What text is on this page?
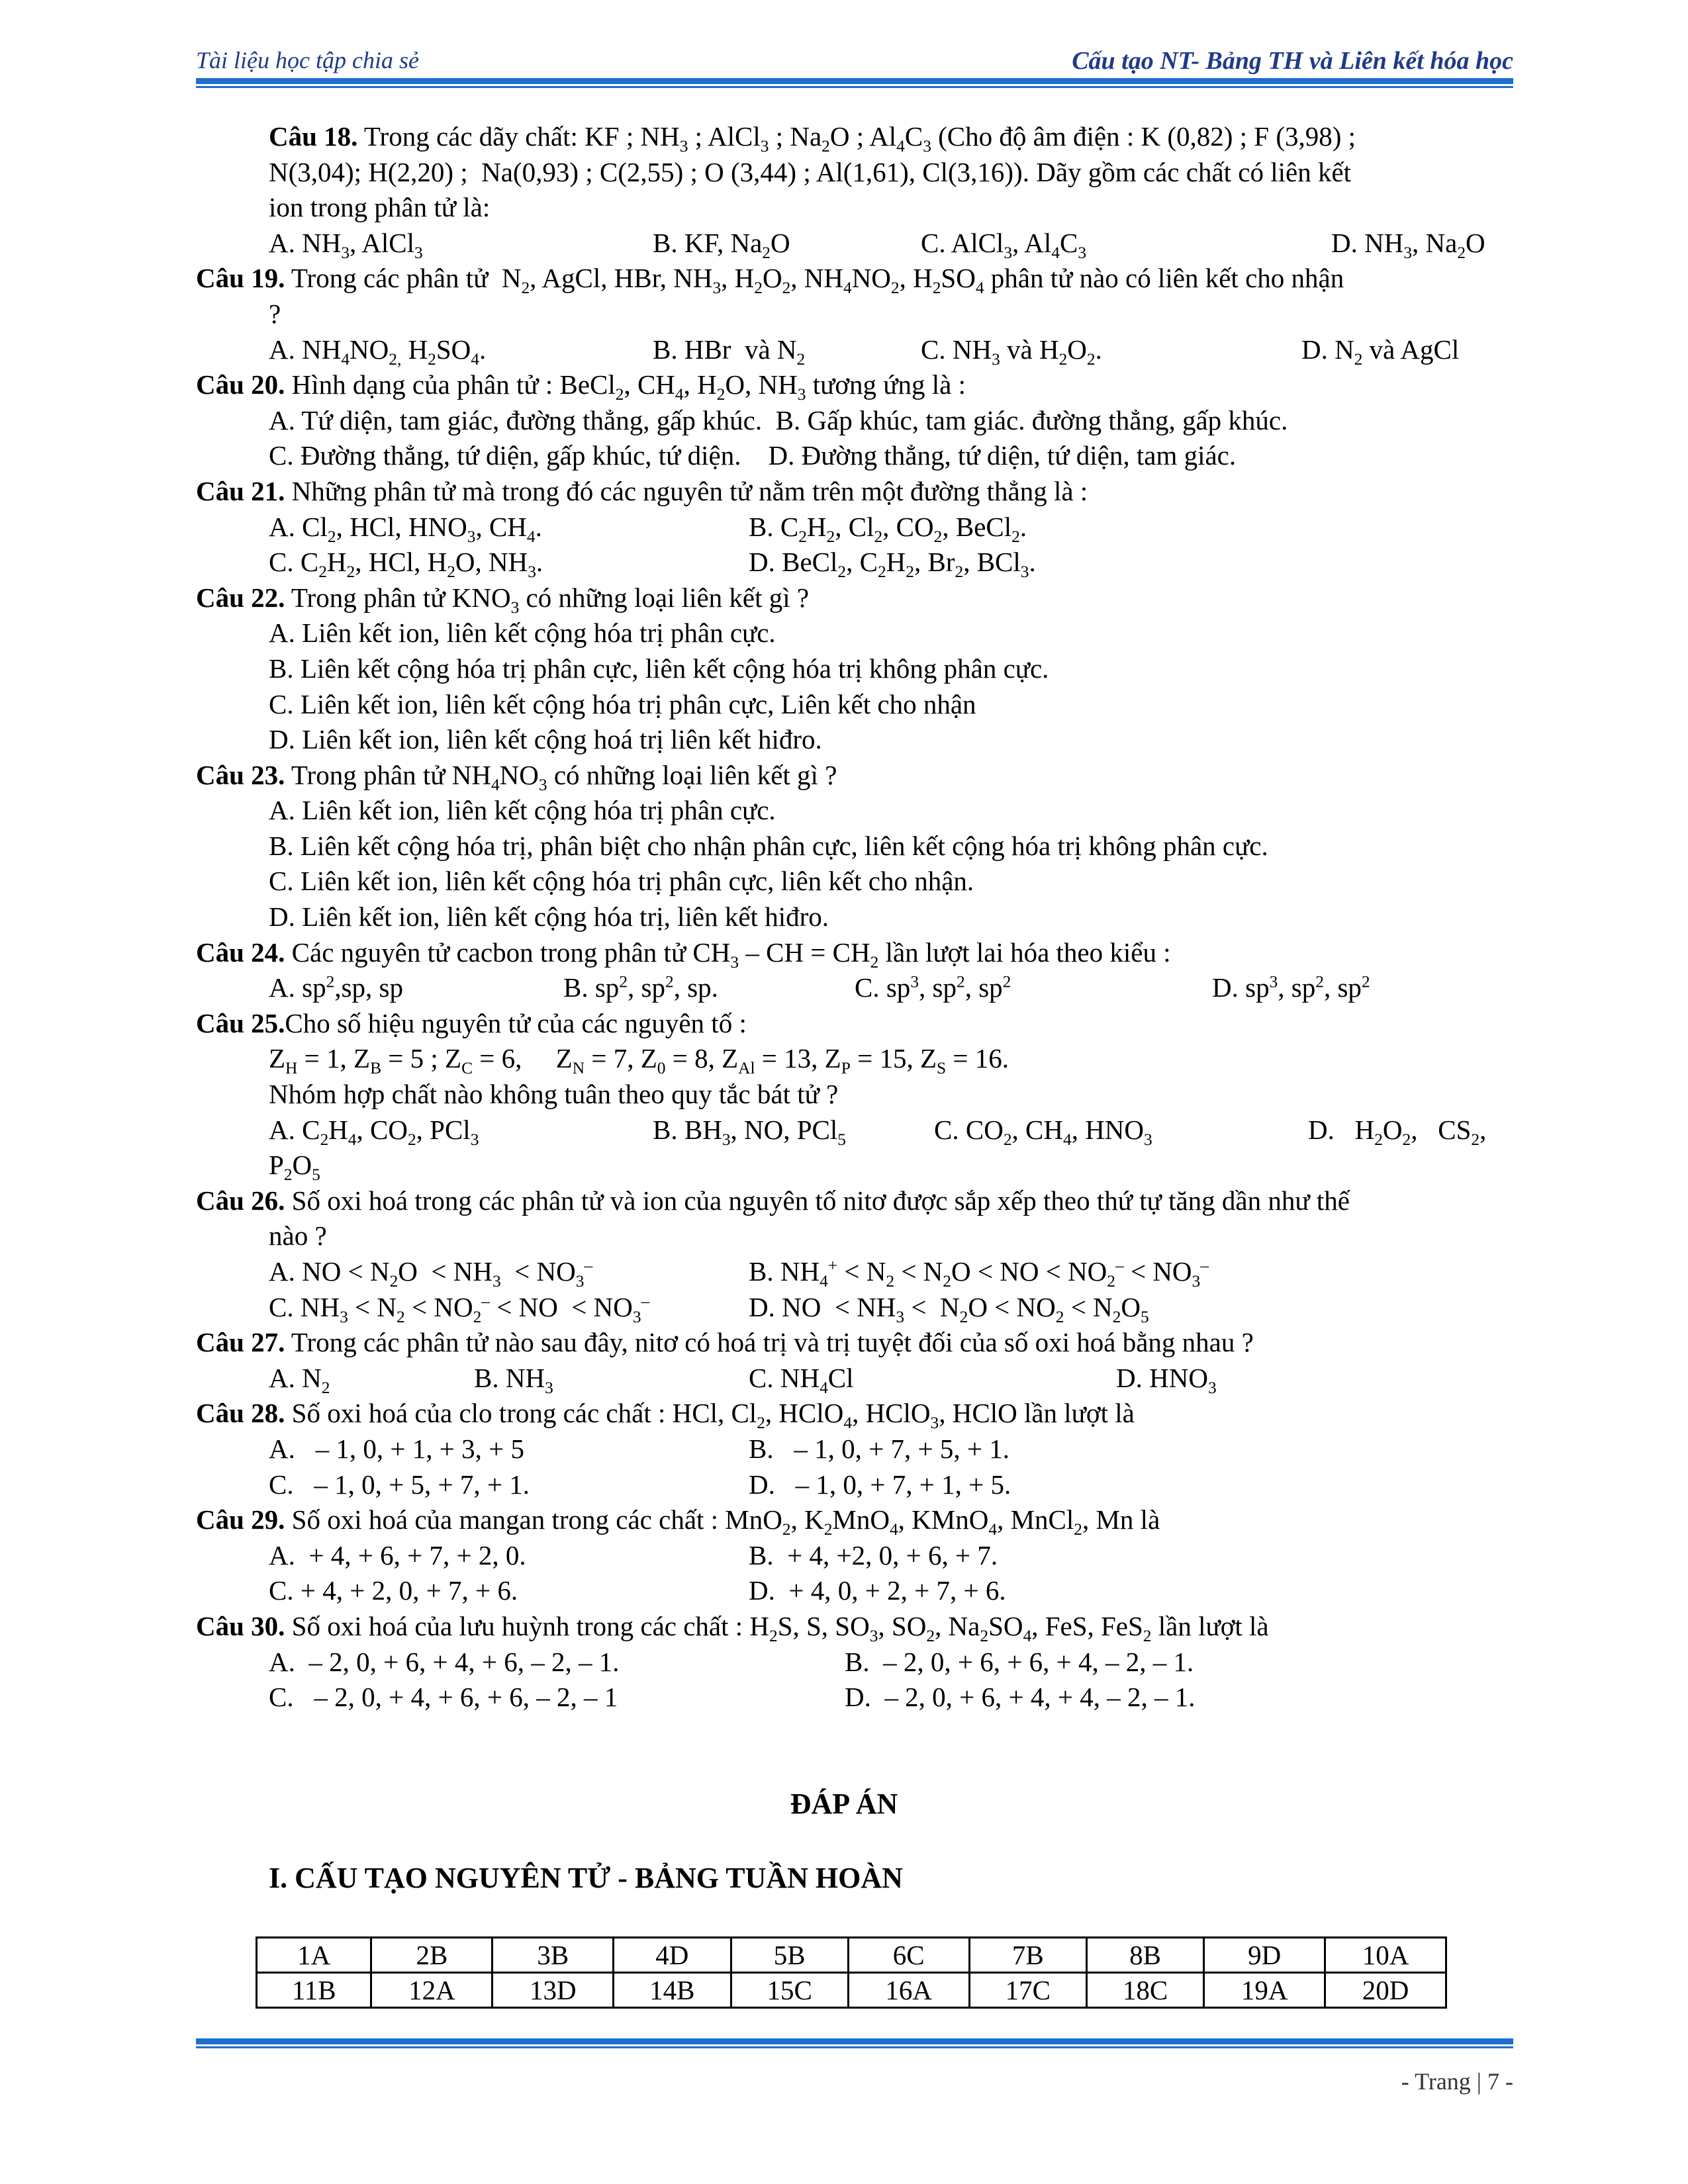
Tài liệu học tập chia sẻ	Cấu tạo NT- Bảng TH và Liên kết hóa học
Câu 18. Trong các dãy chất: KF ; $NH_3$ ; AlCl$_3$ ; $Na_2O$ ; $Al_4C_3$ (Cho độ âm điện : K (0,82) ; F (3,98) ;
N(3,04); H(2,20) ;  Na(0,93) ; C(2,55) ; O (3,44) ; Al(1,61), Cl(3,16)). Dãy gồm các chất có liên kết
ion trong phân tử là:
A. $NH_3$, AlCl$_3$	B. KF, $Na_2O$	C. AlCl$_3$, $Al_4C_3$	D. $NH_3$, $Na_2O$
Câu 19. Trong các phân tử  $N_2$, AgCl, HBr, $NH_3$, $H_2O_2$, $NH_4NO_2$, $H_2SO_4$ phân tử nào có liên kết cho nhận
?
A. $NH_4NO_{2,}$ $H_2SO_4$.	B. HBr  và $N_2$	C. $NH_3$ và $H_2O_2$.	D. $N_2$ và AgCl
Câu 20. Hình dạng của phân tử : BeCl$_2$, $CH_4$, $H_2O$, $NH_3$ tương ứng là :
A. Tứ diện, tam giác, đường thẳng, gấp khúc.  B. Gấp khúc, tam giác. đường thẳng, gấp khúc.
C. Đường thẳng, tứ diện, gấp khúc, tứ diện.    D. Đường thẳng, tứ diện, tứ diện, tam giác.
Câu 21. Những phân tử mà trong đó các nguyên tử nằm trên một đường thẳng là :
A. $Cl_2$, HCl, $HNO_3$, $CH_4$.	B. $C_2H_2$, $Cl_2$, $CO_2$, BeCl$_2$.
C. $C_2H_2$, HCl, $H_2O$, $NH_3$.	D. BeCl$_2$, $C_2H_2$, $Br_2$, BCl$_3$.
Câu 22. Trong phân tử $KNO_3$ có những loại liên kết gì ?
A. Liên kết ion, liên kết cộng hóa trị phân cực.
B. Liên kết cộng hóa trị phân cực, liên kết cộng hóa trị không phân cực.
C. Liên kết ion, liên kết cộng hóa trị phân cực, Liên kết cho nhận
D. Liên kết ion, liên kết cộng hoá trị liên kết hiđro.
Câu 23. Trong phân tử $NH_4NO_3$ có những loại liên kết gì ?
A. Liên kết ion, liên kết cộng hóa trị phân cực.
B. Liên kết cộng hóa trị, phân biệt cho nhận phân cực, liên kết cộng hóa trị không phân cực.
C. Liên kết ion, liên kết cộng hóa trị phân cực, liên kết cho nhận.
D. Liên kết ion, liên kết cộng hóa trị, liên kết hiđro.
Câu 24. Các nguyên tử cacbon trong phân tử $CH_3$ – CH = $CH_2$ lần lượt lai hóa theo kiểu :
A. $sp^2,sp$, sp	B. $sp^2$, $sp^2$, sp.	C. $sp^3$, $sp^2$, $sp^2$	D. $sp^3$, $sp^2$, $sp^2$
Câu 25.Cho số hiệu nguyên tử của các nguyên tố :
$Z_H = 1$, $Z_B = 5$ ; $Z_C = 6$,     $Z_N = 7$, $Z_0 = 8$, $Z_{Al} = 13$, $Z_P = 15$, $Z_S = 16$.
Nhóm hợp chất nào không tuân theo quy tắc bát tử ?
A. $C_2H_4$, $CO_2$, PCl$_3$	B. $BH_3$, NO, PCl$_5$	C. $CO_2$, $CH_4$, $HNO_3$	D.   $H_2O_2$,   $CS_2$,
$P_2O_5$
Câu 26. Số oxi hoá trong các phân tử và ion của nguyên tố nitơ được sắp xếp theo thứ tự tăng dần như thế
nào ?
A. NO < $N_2O < NH_3 < NO_3^-$	B. $NH_4^+ < N_2 < N_2O$ < NO < $NO_2^- < NO_3^-$
C. $NH_3 < N_2 < NO_2^-$ < NO  < $NO_3^-$	D. NO  < $NH_3 < N_2O < NO_2 < N_2O_5$
Câu 27. Trong các phân tử nào sau đây, nitơ có hoá trị và trị tuyệt đối của số oxi hoá bằng nhau ?
A. $N_2$	B. $NH_3$	C. $NH_4Cl$	D. $HNO_3$
Câu 28. Số oxi hoá của clo trong các chất : HCl, $Cl_2$, HClO$_4$, HClO$_3$, HClO lần lượt là
A.   – 1, 0, + 1, + 3, + 5	B.   – 1, 0, + 7, + 5, + 1.
C.   – 1, 0, + 5, + 7, + 1.	D.   – 1, 0, + 7, + 1, + 5.
Câu 29. Số oxi hoá của mangan trong các chất : MnO$_2$, $K_2MnO_4$, KMnO$_4$, MnCl$_2$, Mn là
A.  + 4, + 6, + 7, + 2, 0.	B.  + 4, +2, 0, + 6, + 7.
C. + 4, + 2, 0, + 7, + 6.	D.  + 4, 0, + 2, + 7, + 6.
Câu 30. Số oxi hoá của lưu huỳnh trong các chất : $H_2S$, S, $SO_3$, $SO_2$, $Na_2SO_4$, FeS, FeS$_2$ lần lượt là
A.  – 2, 0, + 6, + 4, + 6, – 2, – 1.	B.  – 2, 0, + 6, + 6, + 4, – 2, – 1.
C.   – 2, 0, + 4, + 6, + 6, – 2, – 1	D.  – 2, 0, + 6, + 4, + 4, – 2, – 1.
ĐÁP ÁN
I. CẤU TẠO NGUYÊN TỬ - BẢNG TUẦN HOÀN
1A	2B	3B	4D	5B	6C	7B	8B	9D	10A
11B	12A	13D	14B	15C	16A	17C	18C	19A	20D
- Trang | 7 -
